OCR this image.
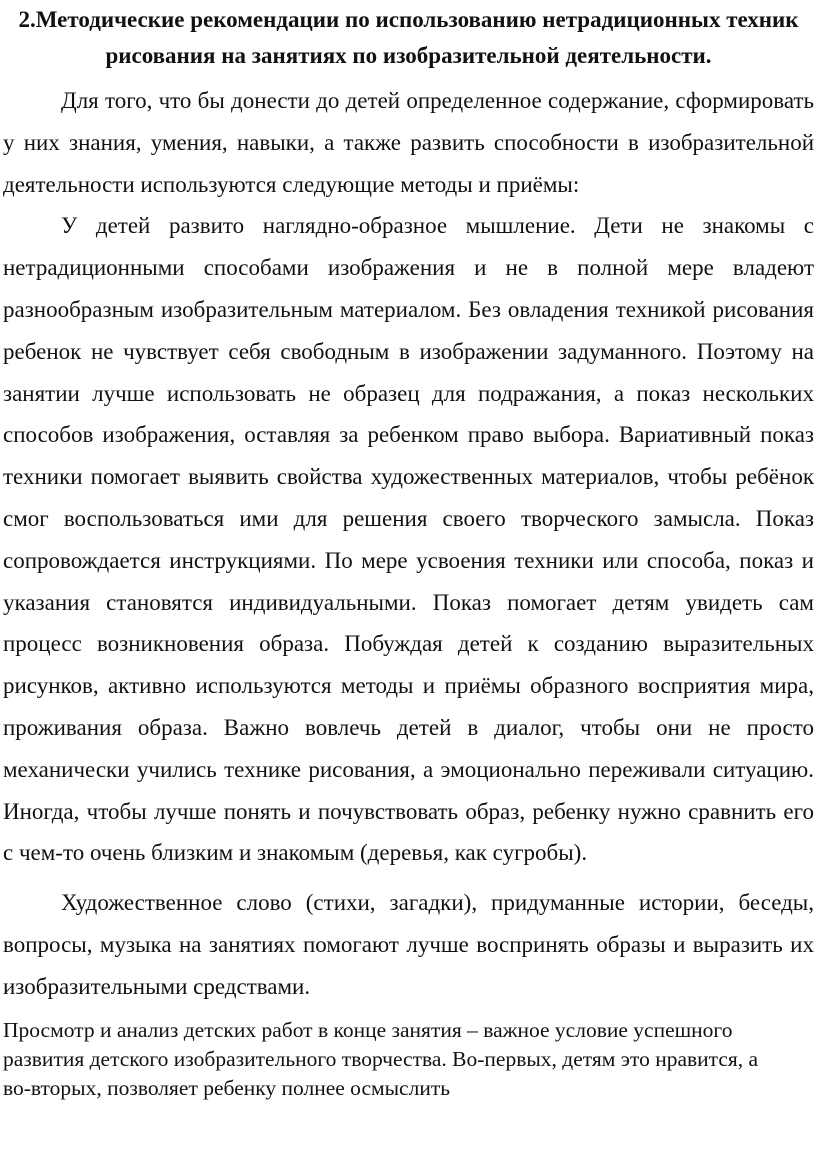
2.Методические рекомендации по использованию нетрадиционных техник рисования на занятиях по изобразительной деятельности.

Для того, что бы донести до детей определенное содержание, сформировать у них знания, умения, навыки, а также развить способности в изобразительной деятельности используются следующие методы и приёмы:

У детей развито наглядно-образное мышление. Дети не знакомы с нетрадиционными способами изображения и не в полной мере владеют разнообразным изобразительным материалом. Без овладения техникой рисования ребенок не чувствует себя свободным в изображении задуманного. Поэтому на занятии лучше использовать не образец для подражания, а показ нескольких способов изображения, оставляя за ребенком право выбора. Вариативный показ техники помогает выявить свойства художественных материалов, чтобы ребёнок смог воспользоваться ими для решения своего творческого замысла. Показ сопровождается инструкциями. По мере усвоения техники или способа, показ и указания становятся индивидуальными. Показ помогает детям увидеть сам процесс возникновения образа. Побуждая детей к созданию выразительных рисунков, активно используются методы и приёмы образного восприятия мира, проживания образа. Важно вовлечь детей в диалог, чтобы они не просто механически учились технике рисования, а эмоционально переживали ситуацию. Иногда, чтобы лучше понять и почувствовать образ, ребенку нужно сравнить его с чем-то очень близким и знакомым (деревья, как сугробы).

Художественное слово (стихи, загадки), придуманные истории, беседы, вопросы, музыка на занятиях помогают лучше воспринять образы и выразить их изобразительными средствами.

Просмотр и анализ детских работ в конце занятия – важное условие успешного развития детского изобразительного творчества. Во-первых, детям это нравится, а во-вторых, позволяет ребенку полнее осмыслить
